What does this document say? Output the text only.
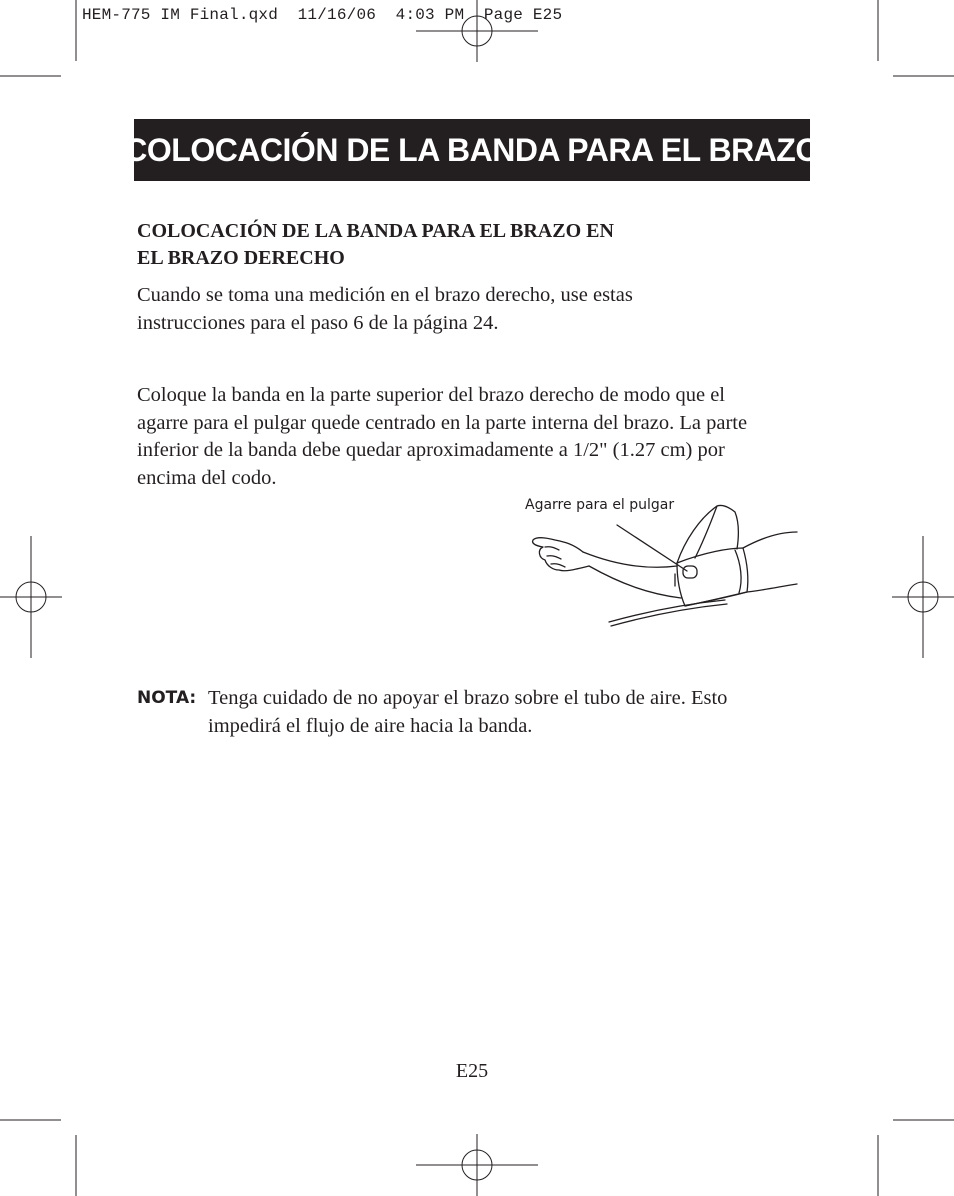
HEM-775 IM Final.qxd  11/16/06  4:03 PM  Page E25
COLOCACIÓN DE LA BANDA PARA EL BRAZO
COLOCACIÓN DE LA BANDA PARA EL BRAZO EN
EL BRAZO DERECHO
Cuando se toma una medición en el brazo derecho, use estas
instrucciones para el paso 6 de la página 24.
Coloque la banda en la parte superior del brazo derecho de modo que el
agarre para el pulgar quede centrado en la parte interna del brazo. La parte
inferior de la banda debe quedar aproximadamente a 1/2" (1.27 cm) por
encima del codo.
Agarre para el pulgar
NOTA: Tenga cuidado de no apoyar el brazo sobre el tubo de aire. Esto
impedirá el flujo de aire hacia la banda.
E25
